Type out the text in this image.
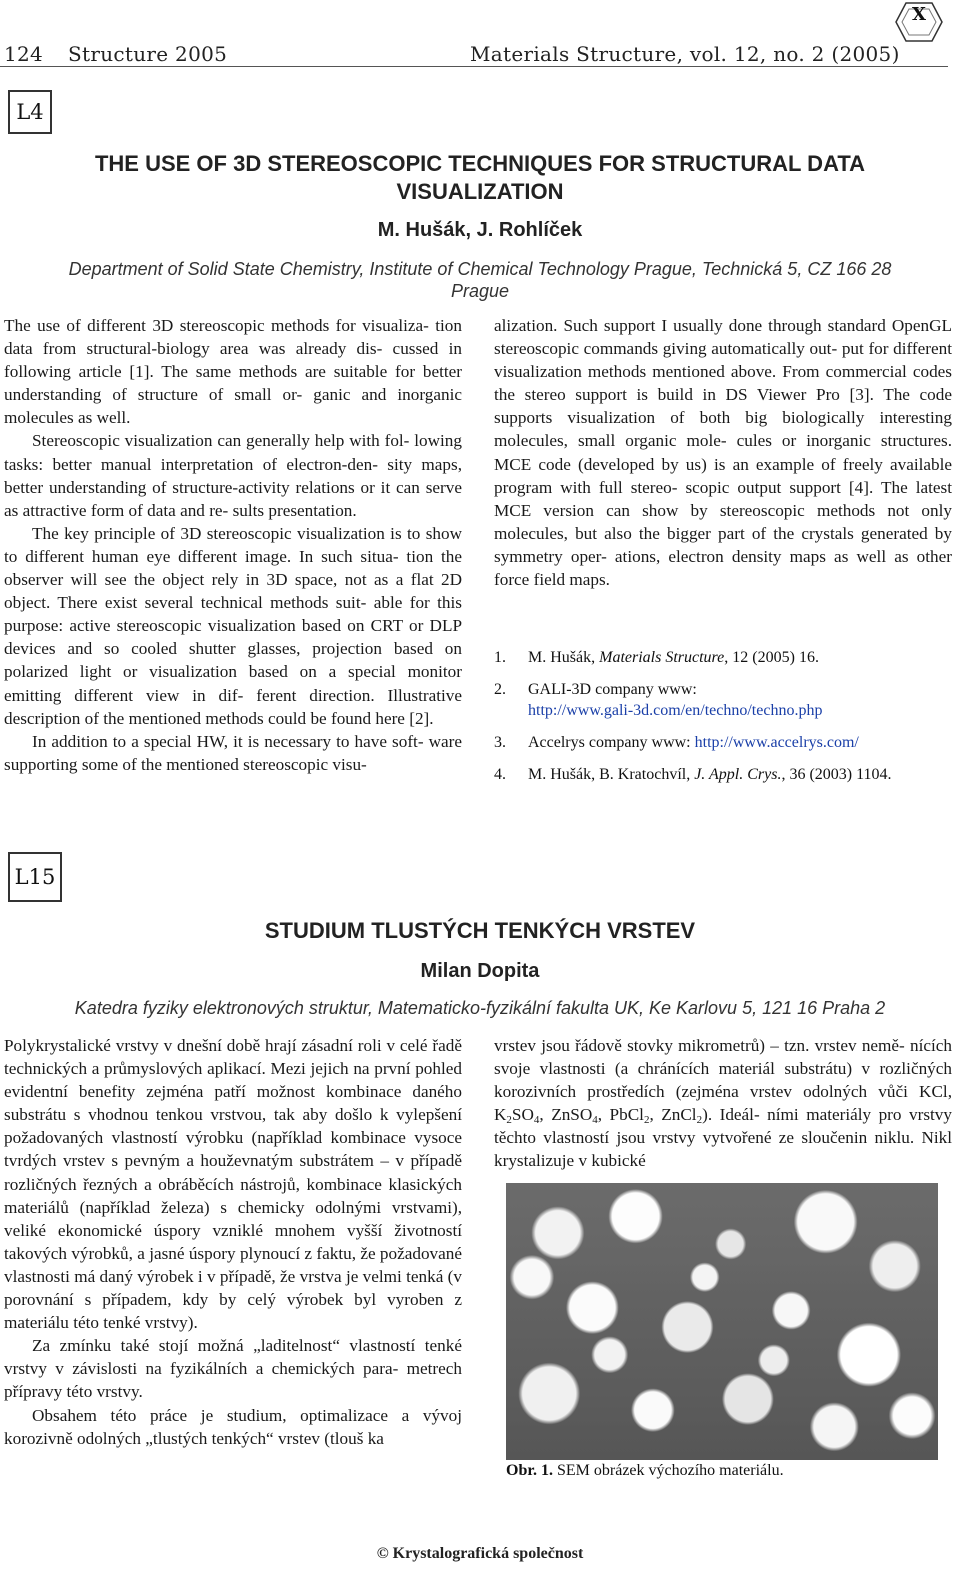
124 Structure 2005	Materials Structure, vol. 12, no. 2 (2005)
X
L4
THE USE OF 3D STEREOSCOPIC TECHNIQUES FOR STRUCTURAL DATA
VISUALIZATION
M. Hušák, J. Rohlíček
Department of Solid State Chemistry, Institute of Chemical Technology Prague, Technická 5, CZ 166 28
Prague

The use of different 3D stereoscopic methods for visualiza- tion data from structural-biology area was already dis- cussed in following article [1]. The same methods are suitable for better understanding of structure of small or- ganic and inorganic molecules as well.

Stereoscopic visualization can generally help with fol- lowing tasks: better manual interpretation of electron-den- sity maps, better understanding of structure-activity relations or it can serve as attractive form of data and re- sults presentation.

The key principle of 3D stereoscopic visualization is to show to different human eye different image. In such situa- tion the observer will see the object rely in 3D space, not as a flat 2D object. There exist several technical methods suit- able for this purpose: active stereoscopic visualization based on CRT or DLP devices and so cooled shutter glasses, projection based on polarized light or visualization based on a special monitor emitting different view in dif- ferent direction. Illustrative description of the mentioned methods could be found here [2].

In addition to a special HW, it is necessary to have soft- ware supporting some of the mentioned stereoscopic visu-

alization. Such support I usually done through standard OpenGL stereoscopic commands giving automatically out- put for different visualization methods mentioned above. From commercial codes the stereo support is build in DS Viewer Pro [3]. The code supports visualization of both big biologically interesting molecules, small organic mole- cules or inorganic structures. MCE code (developed by us) is an example of freely available program with full stereo- scopic output support [4]. The latest MCE version can show by stereoscopic methods not only molecules, but also the bigger part of the crystals generated by symmetry oper- ations, electron density maps as well as other force field maps.

1. M. Hušák, Materials Structure, 12 (2005) 16.
2. GALI-3D company www:
http://www.gali-3d.com/en/techno/techno.php
3. Accelrys company www: http://www.accelrys.com/
4. M. Hušák, B. Kratochvíl, J. Appl. Crys., 36 (2003) 1104.
L15
STUDIUM TLUSTÝCH TENKÝCH VRSTEV
Milan Dopita
Katedra fyziky elektronových struktur, Matematicko-fyzikální fakulta UK, Ke Karlovu 5, 121 16 Praha 2

Polykrystalické vrstvy v dnešní době hrají zásadní roli v celé řadě technických a průmyslových aplikací. Mezi jejich na první pohled evidentní benefity zejména patří možnost kombinace daného substrátu s vhodnou tenkou vrstvou, tak aby došlo k vylepšení požadovaných vlastností výrobku (například kombinace vysoce tvrdých vrstev s pevným a houževnatým substrátem – v případě rozličných řezných a obráběcích nástrojů, kombinace klasických materiálů (například železa) s chemicky odolnými vrstvami), veliké ekonomické úspory vzniklé mnohem vyšší životností takových výrobků, a jasné úspory plynoucí z faktu, že požadované vlastnosti má daný výrobek i v případě, že vrstva je velmi tenká (v porovnání s případem, kdy by celý výrobek byl vyroben z materiálu této tenké vrstvy).

Za zmínku také stojí možná „laditelnost“ vlastností tenké vrstvy v závislosti na fyzikálních a chemických para- metrech přípravy této vrstvy.

Obsahem této práce je studium, optimalizace a vývoj korozivně odolných „tlustých tenkých“ vrstev (tlouš ka

vrstev jsou řádově stovky mikrometrů) – tzn. vrstev nemě- nících svoje vlastnosti (a chránících materiál substrátu) v rozličných korozivních prostředích (zejména vrstev odolných vůči KCl, $K_2SO_4$, ZnSO$_4$, PbCl$_2$, ZnCl$_2$). Ideál- ními materiály pro vrstvy těchto vlastností jsou vrstvy vytvořené ze sloučenin niklu. Nikl krystalizuje v kubické

Obr. 1. SEM obrázek výchozího materiálu.
© Krystalografická společnost
